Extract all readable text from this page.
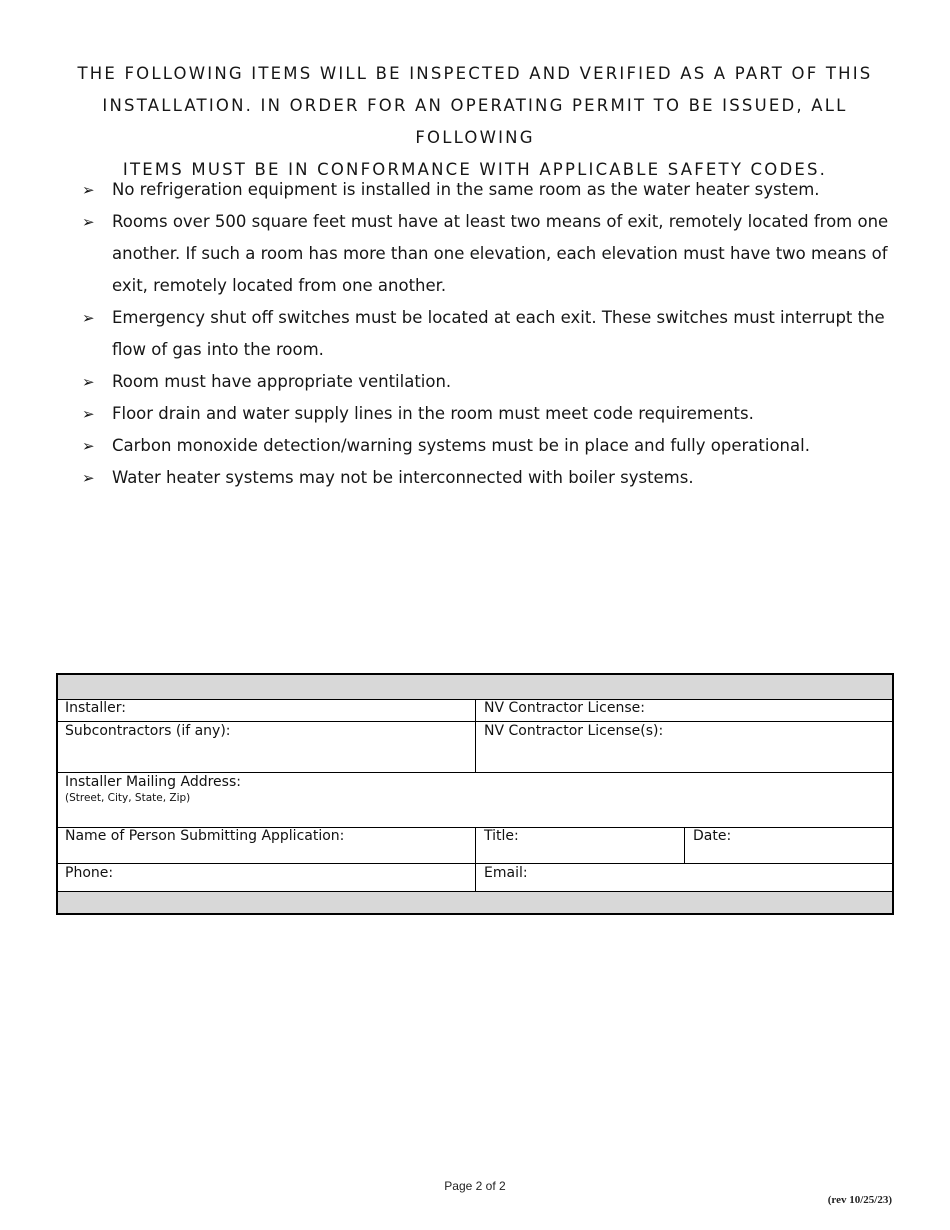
THE FOLLOWING ITEMS WILL BE INSPECTED AND VERIFIED AS A PART OF THIS
INSTALLATION. IN ORDER FOR AN OPERATING PERMIT TO BE ISSUED, ALL FOLLOWING
ITEMS MUST BE IN CONFORMANCE WITH APPLICABLE SAFETY CODES.
➢ No refrigeration equipment is installed in the same room as the water heater system.
➢ Rooms over 500 square feet must have at least two means of exit, remotely located from one another. If such a room has more than one elevation, each elevation must have two means of exit, remotely located from one another.
➢ Emergency shut off switches must be located at each exit. These switches must interrupt the flow of gas into the room.
➢ Room must have appropriate ventilation.
➢ Floor drain and water supply lines in the room must meet code requirements.
➢ Carbon monoxide detection/warning systems must be in place and fully operational.
➢ Water heater systems may not be interconnected with boiler systems.
Installer:	NV Contractor License:
Subcontractors (if any):	NV Contractor License(s):
Installer Mailing Address:
(Street, City, State, Zip)
Name of Person Submitting Application:	Title:	Date:
Phone:	Email:
Page 2 of 2
(rev 10/25/23)
